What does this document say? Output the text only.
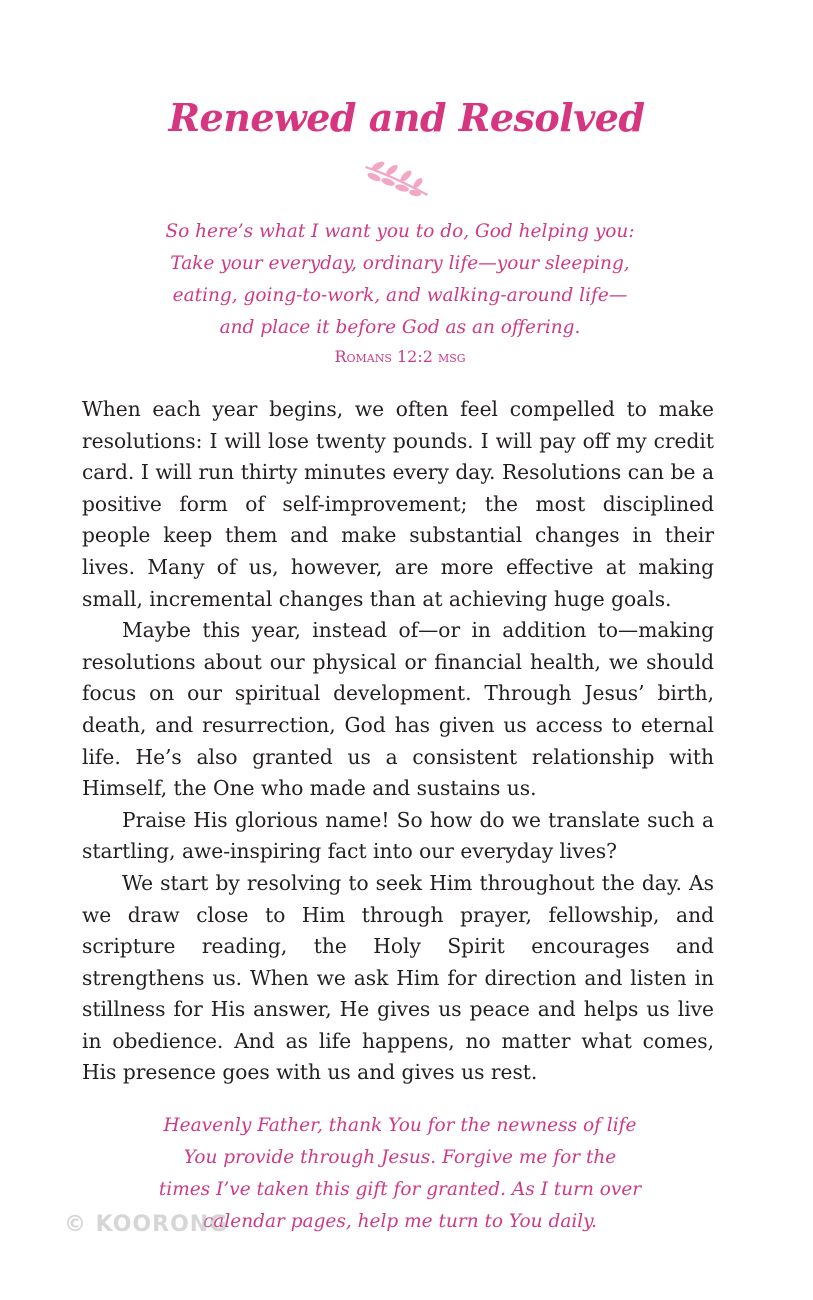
Renewed and Resolved
So here’s what I want you to do, God helping you:
Take your everyday, ordinary life—your sleeping,
eating, going-to-work, and walking-around life—
and place it before God as an offering.
Romans 12:2 msg

When each year begins, we often feel compelled to make resolutions: I will lose twenty pounds. I will pay off my credit card. I will run thirty minutes every day. Resolutions can be a positive form of self-improvement; the most disciplined people keep them and make substantial changes in their lives. Many of us, however, are more effective at making small, incremental changes than at achieving huge goals.

Maybe this year, instead of—or in addition to—making resolutions about our physical or financial health, we should focus on our spiritual development. Through Jesus’ birth, death, and resurrection, God has given us access to eternal life. He’s also granted us a consistent relationship with Himself, the One who made and sustains us.

Praise His glorious name! So how do we translate such a startling, awe-inspiring fact into our everyday lives?

We start by resolving to seek Him throughout the day. As we draw close to Him through prayer, fellowship, and scripture reading, the Holy Spirit encourages and strengthens us. When we ask Him for direction and listen in stillness for His answer, He gives us peace and helps us live in obedience. And as life happens, no matter what comes, His presence goes with us and gives us rest.

Heavenly Father, thank You for the newness of life
You provide through Jesus. Forgive me for the
times I’ve taken this gift for granted. As I turn over
calendar pages, help me turn to You daily.
© KOORONG
